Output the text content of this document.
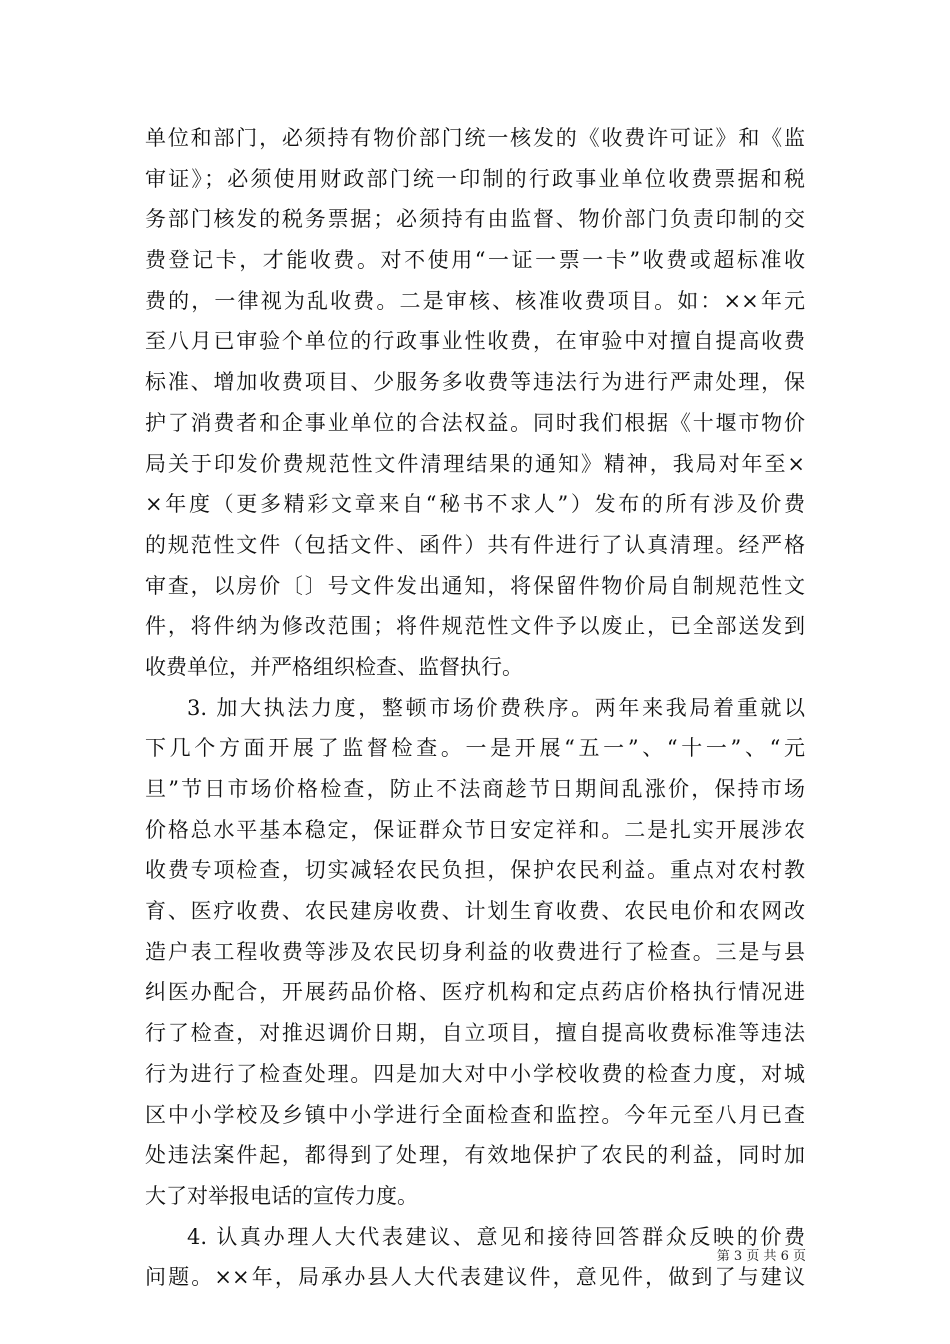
单位和部门，必须持有物价部门统一核发的《收费许可证》和《监
审证》；必须使用财政部门统一印制的行政事业单位收费票据和税
务部门核发的税务票据；必须持有由监督、物价部门负责印制的交
费登记卡，才能收费。对不使用“一证一票一卡”收费或超标准收
费的，一律视为乱收费。二是审核、核准收费项目。如：××年元
至八月已审验个单位的行政事业性收费，在审验中对擅自提高收费
标准、增加收费项目、少服务多收费等违法行为进行严肃处理，保
护了消费者和企事业单位的合法权益。同时我们根据《十堰市物价
局关于印发价费规范性文件清理结果的通知》精神，我局对年至×
×年度（更多精彩文章来自“秘书不求人”）发布的所有涉及价费
的规范性文件（包括文件、函件）共有件进行了认真清理。经严格
审查，以房价〔〕号文件发出通知，将保留件物价局自制规范性文
件，将件纳为修改范围；将件规范性文件予以废止，已全部送发到
收费单位，并严格组织检查、监督执行。
3. 加大执法力度，整顿市场价费秩序。两年来我局着重就以
下几个方面开展了监督检查。一是开展“五一”、“十一”、“元
旦”节日市场价格检查，防止不法商趁节日期间乱涨价，保持市场
价格总水平基本稳定，保证群众节日安定祥和。二是扎实开展涉农
收费专项检查，切实减轻农民负担，保护农民利益。重点对农村教
育、医疗收费、农民建房收费、计划生育收费、农民电价和农网改
造户表工程收费等涉及农民切身利益的收费进行了检查。三是与县
纠医办配合，开展药品价格、医疗机构和定点药店价格执行情况进
行了检查，对推迟调价日期，自立项目，擅自提高收费标准等违法
行为进行了检查处理。四是加大对中小学校收费的检查力度，对城
区中小学校及乡镇中小学进行全面检查和监控。今年元至八月已查
处违法案件起，都得到了处理，有效地保护了农民的利益，同时加
大了对举报电话的宣传力度。
4. 认真办理人大代表建议、意见和接待回答群众反映的价费
问题。××年，局承办县人大代表建议件，意见件，做到了与建议
第 3 页 共 6 页
